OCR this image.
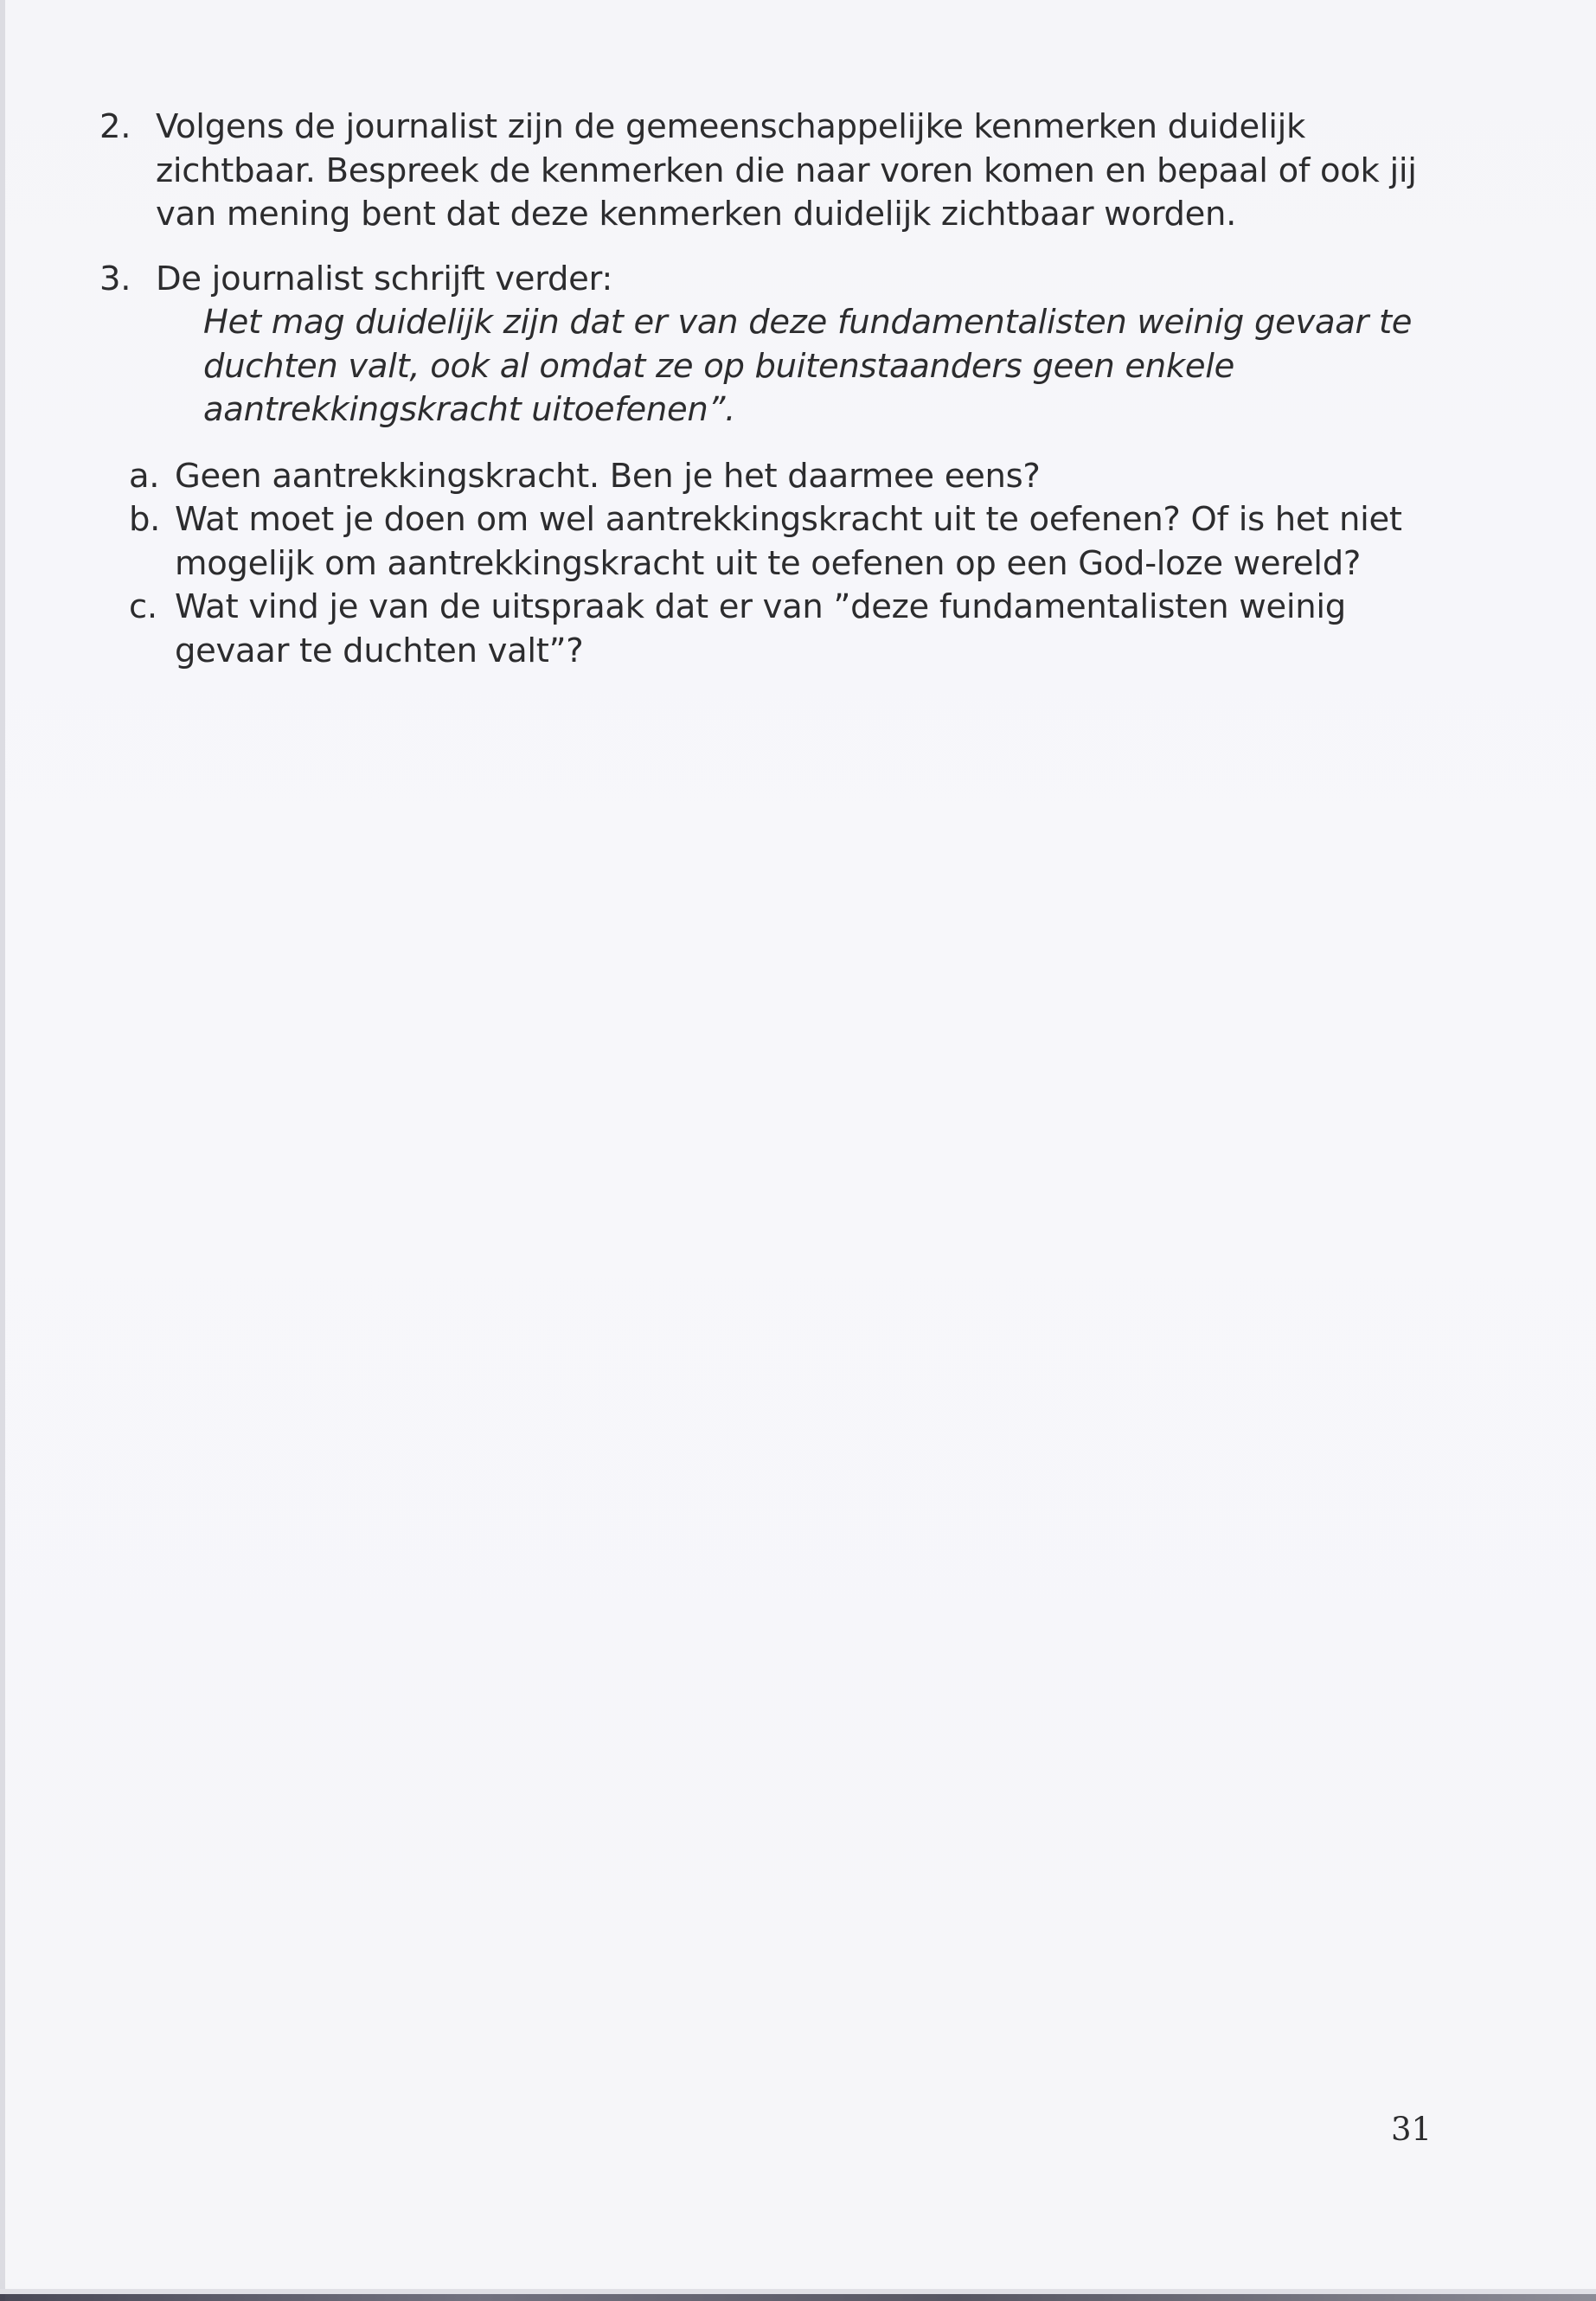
2. Volgens de journalist zijn de gemeenschappelijke kenmerken duidelijk zichtbaar. Bespreek de kenmerken die naar voren komen en bepaal of ook jij van mening bent dat deze kenmerken duidelijk zichtbaar worden.
3. De journalist schrijft verder:
Het mag duidelijk zijn dat er van deze fundamentalisten weinig gevaar te duchten valt, ook al omdat ze op buitenstaanders geen enkele aantrekkingskracht uitoefenen”.
a. Geen aantrekkingskracht. Ben je het daarmee eens?
b. Wat moet je doen om wel aantrekkingskracht uit te oefenen? Of is het niet mogelijk om aantrekkingskracht uit te oefenen op een God-loze wereld?
c. Wat vind je van de uitspraak dat er van ”deze fundamentalisten weinig gevaar te duchten valt”?
31
